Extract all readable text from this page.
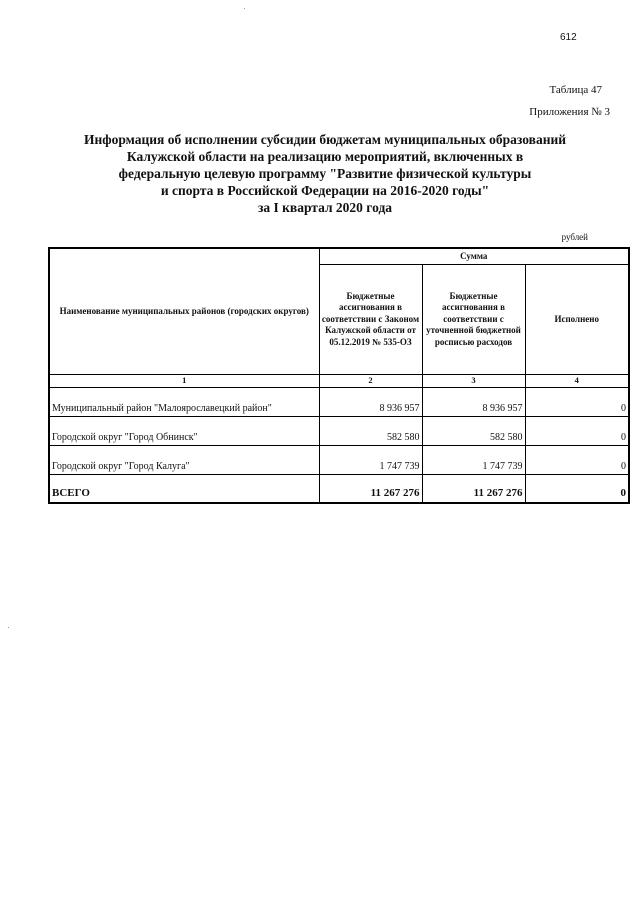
612
Таблица 47
Приложения № 3
Информация об исполнении субсидии бюджетам муниципальных образований
Калужской области на реализацию мероприятий, включенных в
федеральную целевую программу "Развитие физической культуры
и спорта в Российской Федерации на 2016-2020 годы"
за I квартал 2020 года
рублей
Наименование муниципальных районов (городских округов)	Сумма		
	Бюджетные ассигнования в соответствии с Законом Калужской области от 05.12.2019 № 535-ОЗ	Бюджетные ассигнования в соответствии с уточненной бюджетной росписью расходов	Исполнено
1	2	3	4
Муниципальный район "Малоярославецкий район"	8 936 957	8 936 957	0
Городской округ "Город Обнинск"	582 580	582 580	0
Городской округ "Город Калуга"	1 747 739	1 747 739	0
ВСЕГО	11 267 276	11 267 276	0
